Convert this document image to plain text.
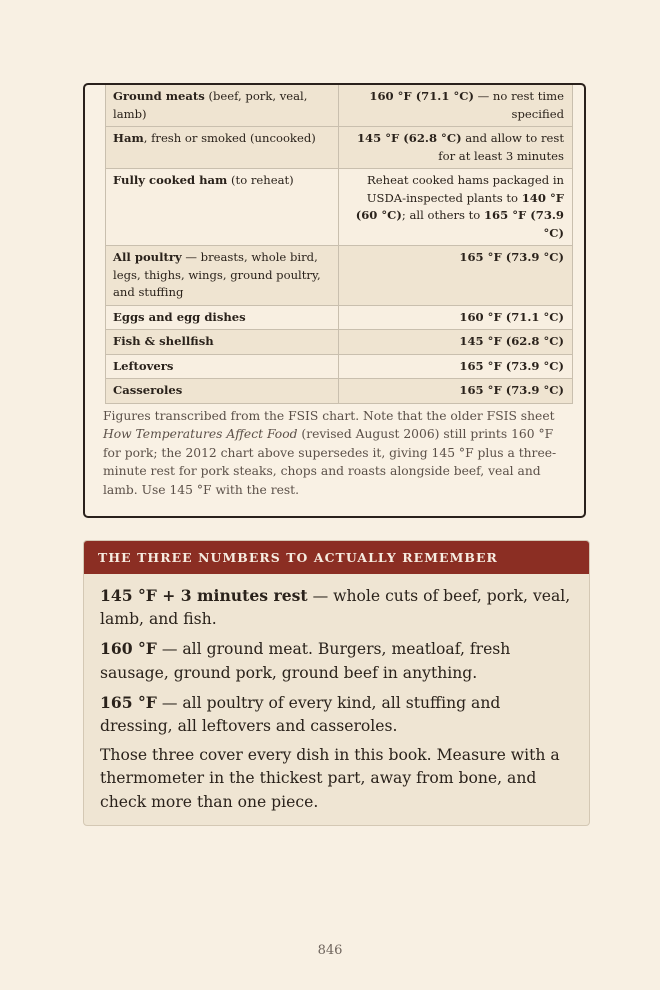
Ground meats (beef, pork, veal, lamb)	160 °F (71.1 °C) — no rest time specified
Ham, fresh or smoked (uncooked)	145 °F (62.8 °C) and allow to rest for at least 3 minutes
Fully cooked ham (to reheat)	Reheat cooked hams packaged in USDA-inspected plants to 140 °F (60 °C); all others to 165 °F (73.9 °C)
All poultry — breasts, whole bird, legs, thighs, wings, ground poultry, and stuffing	165 °F (73.9 °C)
Eggs and egg dishes	160 °F (71.1 °C)
Fish & shellfish	145 °F (62.8 °C)
Leftovers	165 °F (73.9 °C)
Casseroles	165 °F (73.9 °C)
Figures transcribed from the FSIS chart. Note that the older FSIS sheet How Temperatures Affect Food (revised August 2006) still prints 160 °F for pork; the 2012 chart above supersedes it, giving 145 °F plus a three-minute rest for pork steaks, chops and roasts alongside beef, veal and lamb. Use 145 °F with the rest.
THE THREE NUMBERS TO ACTUALLY REMEMBER

145 °F + 3 minutes rest — whole cuts of beef, pork, veal, lamb, and fish.

160 °F — all ground meat. Burgers, meatloaf, fresh sausage, ground pork, ground beef in anything.

165 °F — all poultry of every kind, all stuffing and dressing, all leftovers and casseroles.

Those three cover every dish in this book. Measure with a thermometer in the thickest part, away from bone, and check more than one piece.

846
